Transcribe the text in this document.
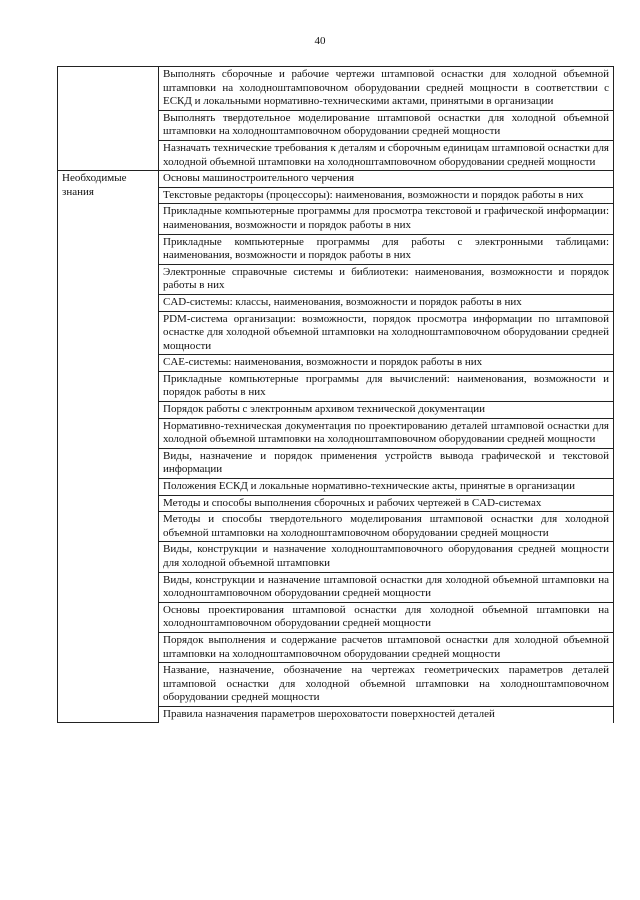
40
	Выполнять сборочные и рабочие чертежи штамповой оснастки для холодной объемной штамповки на холодноштамповочном оборудовании средней мощности в соответствии с ЕСКД и локальными нормативно-техническими актами, принятыми в организации
	Выполнять твердотельное моделирование штамповой оснастки для холодной объемной штамповки на холодноштамповочном оборудовании средней мощности
	Назначать технические требования к деталям и сборочным единицам штамповой оснастки для холодной объемной штамповки на холодноштамповочном оборудовании средней мощности
Необходимые знания	Основы машиностроительного черчения
	Текстовые редакторы (процессоры): наименования, возможности и порядок работы в них
	Прикладные компьютерные программы для просмотра текстовой и графической информации: наименования, возможности и порядок работы в них
	Прикладные компьютерные программы для работы с электронными таблицами: наименования, возможности и порядок работы в них
	Электронные справочные системы и библиотеки: наименования, возможности и порядок работы в них
	CAD-системы: классы, наименования, возможности и порядок работы в них
	PDM-система организации: возможности, порядок просмотра информации по штамповой оснастке для холодной объемной штамповки на холодноштамповочном оборудовании средней мощности
	CAE-системы: наименования, возможности и порядок работы в них
	Прикладные компьютерные программы для вычислений: наименования, возможности и порядок работы в них
	Порядок работы с электронным архивом технической документации
	Нормативно-техническая документация по проектированию деталей штамповой оснастки для холодной объемной штамповки на холодноштамповочном оборудовании средней мощности
	Виды, назначение и порядок применения устройств вывода графической и текстовой информации
	Положения ЕСКД и локальные нормативно-технические акты, принятые в организации
	Методы и способы выполнения сборочных и рабочих чертежей в CAD-системах
	Методы и способы твердотельного моделирования штамповой оснастки для холодной объемной штамповки на холодноштамповочном оборудовании средней мощности
	Виды, конструкции и назначение холодноштамповочного оборудования средней мощности для холодной объемной штамповки
	Виды, конструкции и назначение штамповой оснастки для холодной объемной штамповки на холодноштамповочном оборудовании средней мощности
	Основы проектирования штамповой оснастки для холодной объемной штамповки на холодноштамповочном оборудовании средней мощности
	Порядок выполнения и содержание расчетов штамповой оснастки для холодной объемной штамповки на холодноштамповочном оборудовании средней мощности
	Название, назначение, обозначение на чертежах геометрических параметров деталей штамповой оснастки для холодной объемной штамповки на холодноштамповочном оборудовании средней мощности
	Правила назначения параметров шероховатости поверхностей деталей
